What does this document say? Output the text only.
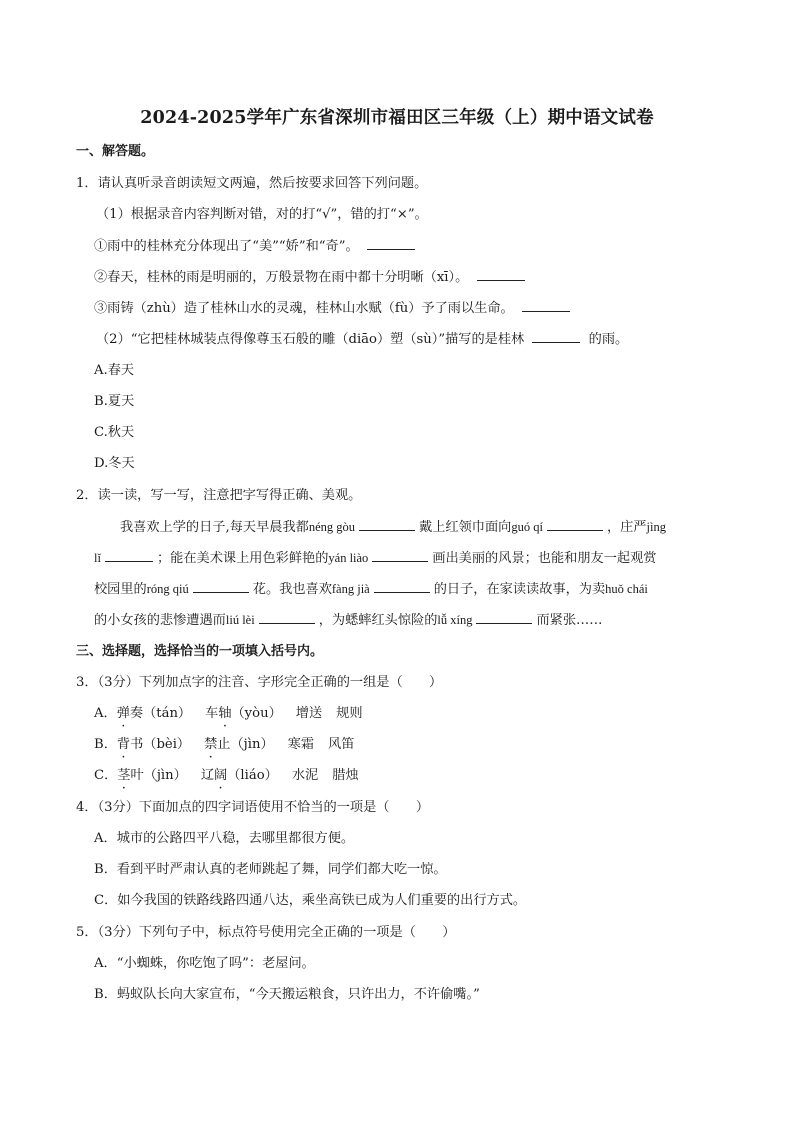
2024-2025学年广东省深圳市福田区三年级（上）期中语文试卷
一、解答题。
1．请认真听录音朗读短文两遍，然后按要求回答下列问题。
（1）根据录音内容判断对错，对的打“√”，错的打“×”。
①雨中的桂林充分体现出了“美”“娇”和“奇”。
②春天，桂林的雨是明丽的，万般景物在雨中都十分明晰（xī）。
③雨铸（zhù）造了桂林山水的灵魂，桂林山水赋（fù）予了雨以生命。
（2）“它把桂林城装点得像尊玉石般的雕（diāo）塑（sù）”描写的是桂林	的雨。
A.春天
B.夏天
C.秋天
D.冬天
2．读一读，写一写，注意把字写得正确、美观。
我喜欢上学的日子,每天早晨我都néng gòu	戴上红领巾面向guó qí	，庄严jìng
lǐ	；能在美术课上用色彩鲜艳的yán liào	画出美丽的风景；也能和朋友一起观赏
校园里的róng qiú	花。我也喜欢fàng jià	的日子，在家读读故事，为卖huǒ chái
的小女孩的悲惨遭遇而liú lèi	，为蟋蟀红头惊险的lǚ xíng	而紧张……
三、选择题，选择恰当的一项填入括号内。
3．（3分）下列加点字的注音、字形完全正确的一组是（　　）
A．弹奏（tán） 车轴（yòu） 增送 规则
B．背书（bèi） 禁止（jìn） 寒霜 风笛
C．茎叶（jìn） 辽阔（liáo） 水泥 腊烛
4．（3分）下面加点的四字词语使用不恰当的一项是（　　）
A．城市的公路四平八稳，去哪里都很方便。
B．看到平时严肃认真的老师跳起了舞，同学们都大吃一惊。
C．如今我国的铁路线路四通八达，乘坐高铁已成为人们重要的出行方式。
5．（3分）下列句子中，标点符号使用完全正确的一项是（　　）
A．“小蜘蛛，你吃饱了吗”：老屋问。
B．蚂蚁队长向大家宣布，“今天搬运粮食，只许出力，不许偷嘴。”
